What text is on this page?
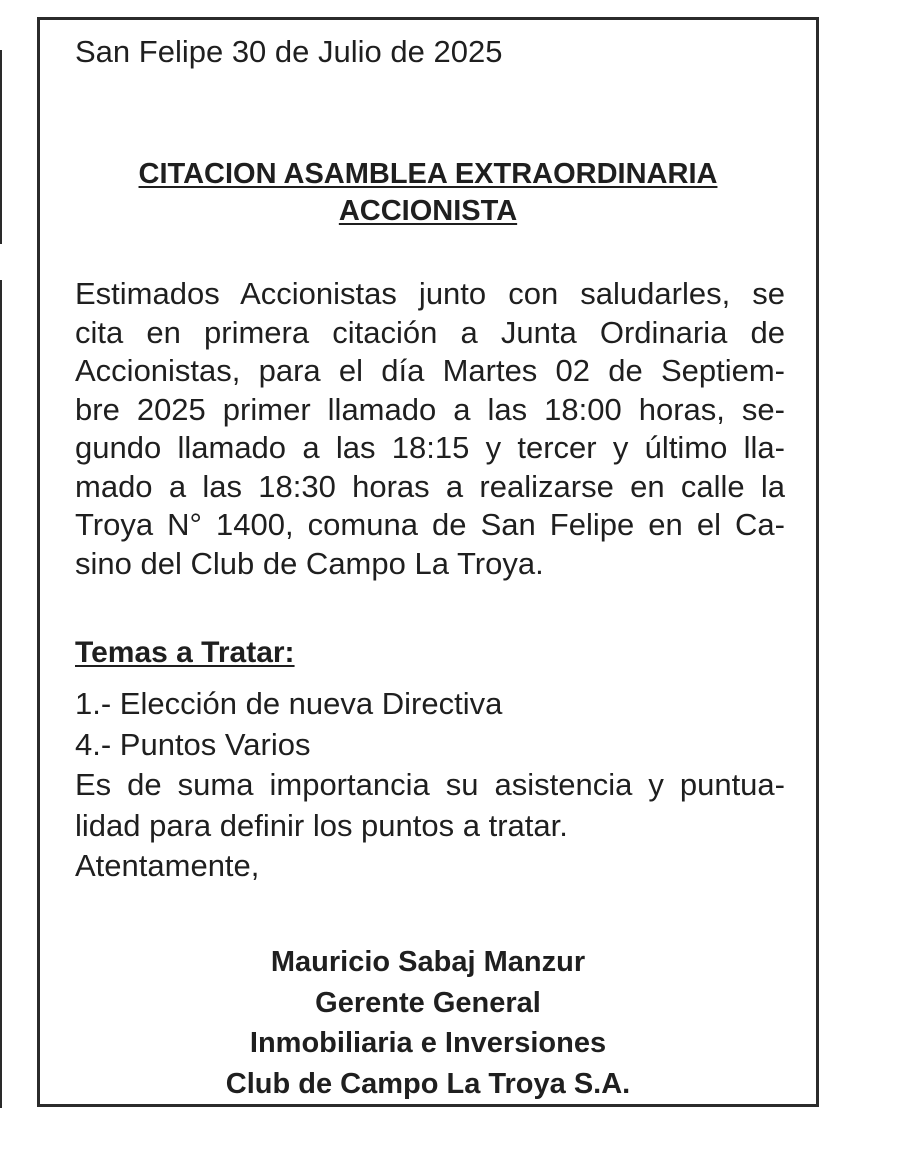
San Felipe 30 de Julio de 2025
CITACION ASAMBLEA EXTRAORDINARIA
ACCIONISTA
Estimados Accionistas junto con saludarles, se
cita en primera citación a Junta Ordinaria de
Accionistas, para el día Martes 02 de Septiem-
bre 2025 primer llamado a las 18:00 horas, se-
gundo llamado a las 18:15 y tercer y último lla-
mado a las 18:30 horas a realizarse en calle la
Troya N° 1400, comuna de San Felipe en el Ca-
sino del Club de Campo La Troya.
Temas a Tratar:
1.- Elección de nueva Directiva
4.- Puntos Varios
Es de suma importancia su asistencia y puntua-
lidad para definir los puntos a tratar.
Atentamente,
Mauricio Sabaj Manzur
Gerente General
Inmobiliaria e Inversiones
Club de Campo La Troya S.A.
